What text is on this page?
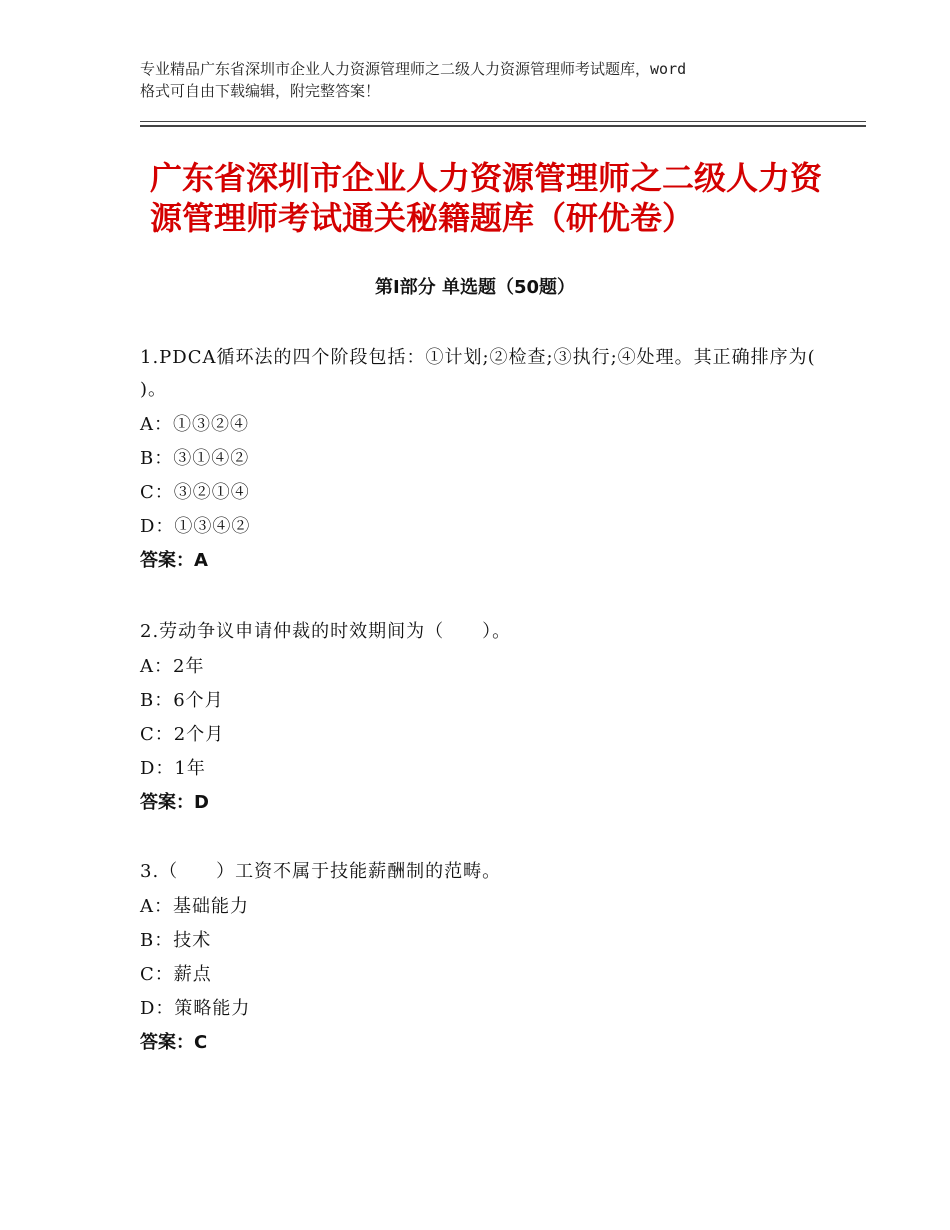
专业精品广东省深圳市企业人力资源管理师之二级人力资源管理师考试题库，word
格式可自由下载编辑，附完整答案！
广东省深圳市企业人力资源管理师之二级人力资源管理师考试通关秘籍题库（研优卷）
第Ⅰ部分 单选题（50题）
1.PDCA循环法的四个阶段包括：①计划;②检查;③执行;④处理。其正确排序为( )。
A：①③②④
B：③①④②
C：③②①④
D：①③④②
答案：A
2.劳动争议申请仲裁的时效期间为（　　）。
A：2年
B：6个月
C：2个月
D：1年
答案：D
3.（　　）工资不属于技能薪酬制的范畴。
A：基础能力
B：技术
C：薪点
D：策略能力
答案：C
